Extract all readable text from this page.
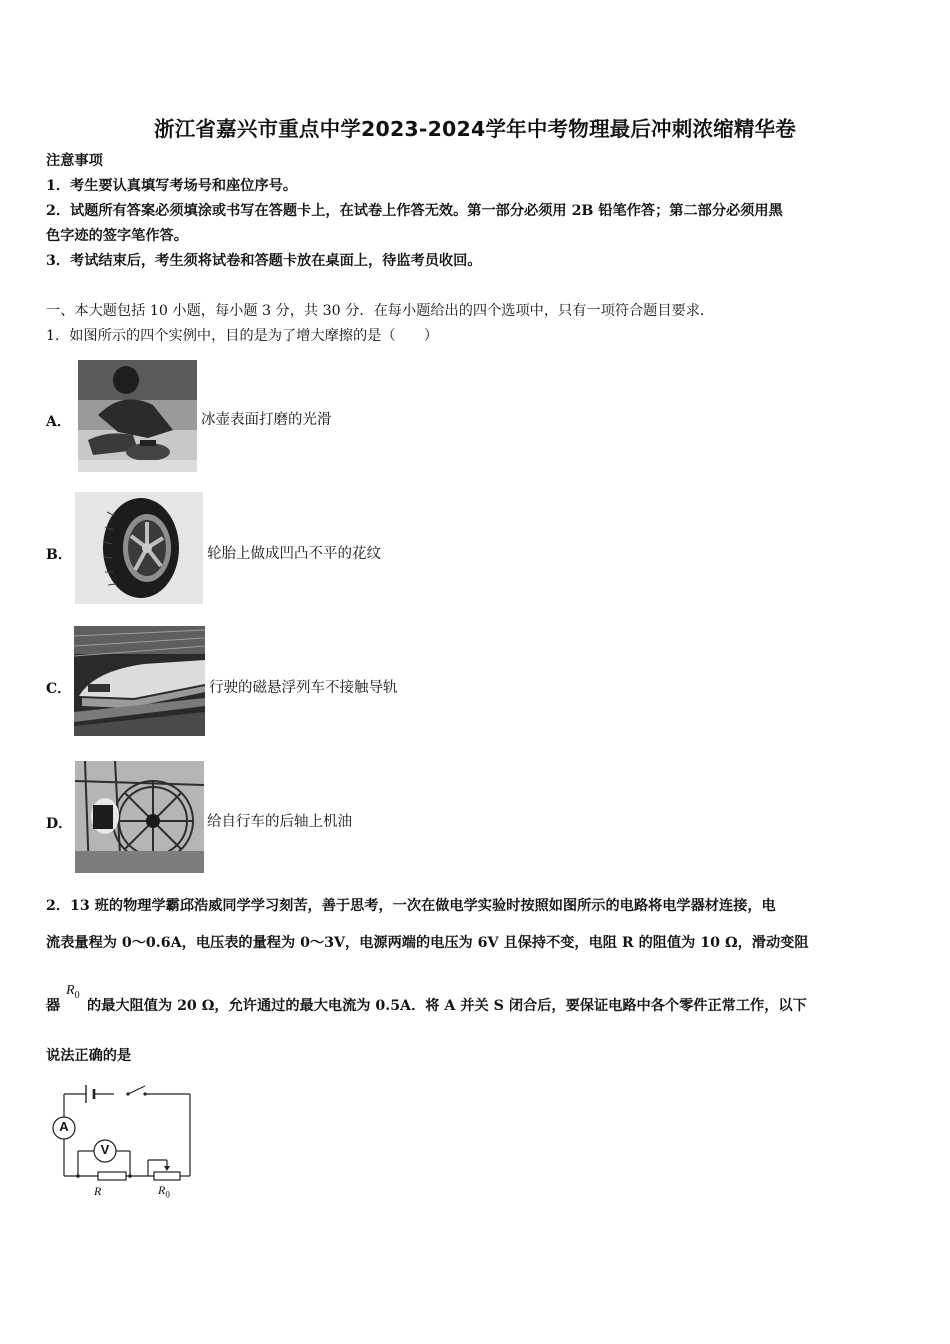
浙江省嘉兴市重点中学2023-2024学年中考物理最后冲刺浓缩精华卷
注意事项
1．考生要认真填写考场号和座位序号。
2．试题所有答案必须填涂或书写在答题卡上，在试卷上作答无效。第一部分必须用 2B 铅笔作答；第二部分必须用黑
色字迹的签字笔作答。
3．考试结束后，考生须将试卷和答题卡放在桌面上，待监考员收回。
一、本大题包括 10 小题，每小题 3 分，共 30 分．在每小题给出的四个选项中，只有一项符合题目要求．
1．如图所示的四个实例中，目的是为了增大摩擦的是（　　）
A．	冰壶表面打磨的光滑
B．	轮胎上做成凹凸不平的花纹
C．	行驶的磁悬浮列车不接触导轨
D．	给自行车的后轴上机油
2．13 班的物理学霸邱浩威同学学习刻苦，善于思考，一次在做电学实验时按照如图所示的电路将电学器材连接，电
流表量程为 0～0.6A，电压表的量程为 0～3V，电源两端的电压为 6V 且保持不变，电阻 R 的阻值为 10 Ω，滑动变阻
器
$R_0$
的最大阻值为 20 Ω，允许通过的最大电流为 0.5A．将 A 并关 S 闭合后，要保证电路中各个零件正常工作，以下
说法正确的是
A
V
R	$R_0$
